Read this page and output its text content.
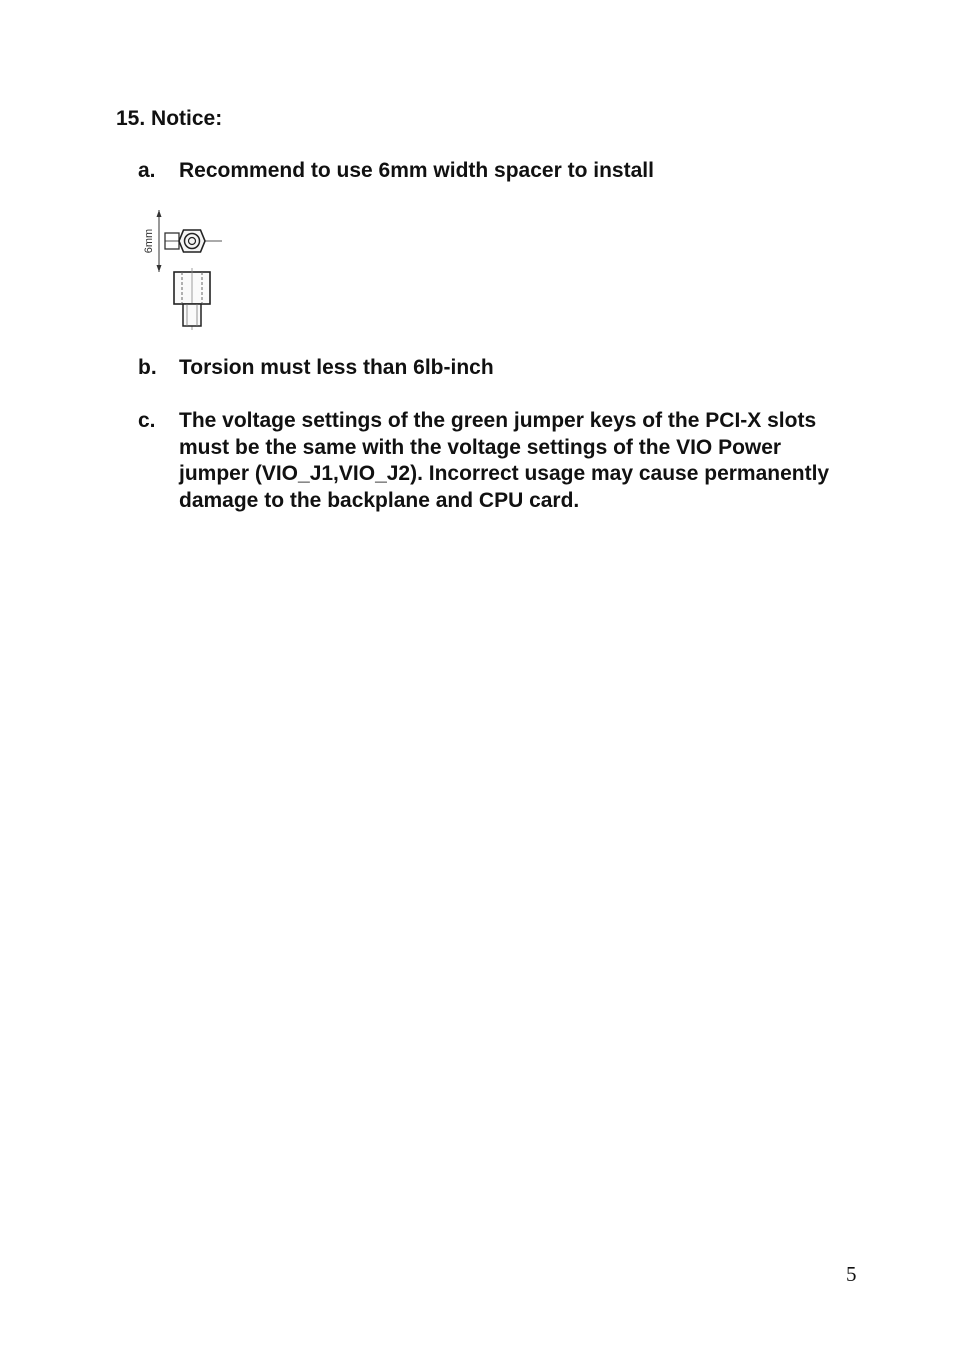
15. Notice:
a. Recommend to use 6mm width spacer to install
6mm
b. Torsion must less than 6lb-inch
c. The voltage settings of the green jumper keys of the PCI-X slots must be the same with the voltage settings of the VIO Power jumper (VIO_J1,VIO_J2). Incorrect usage may cause permanently damage to the backplane and CPU card.
5
